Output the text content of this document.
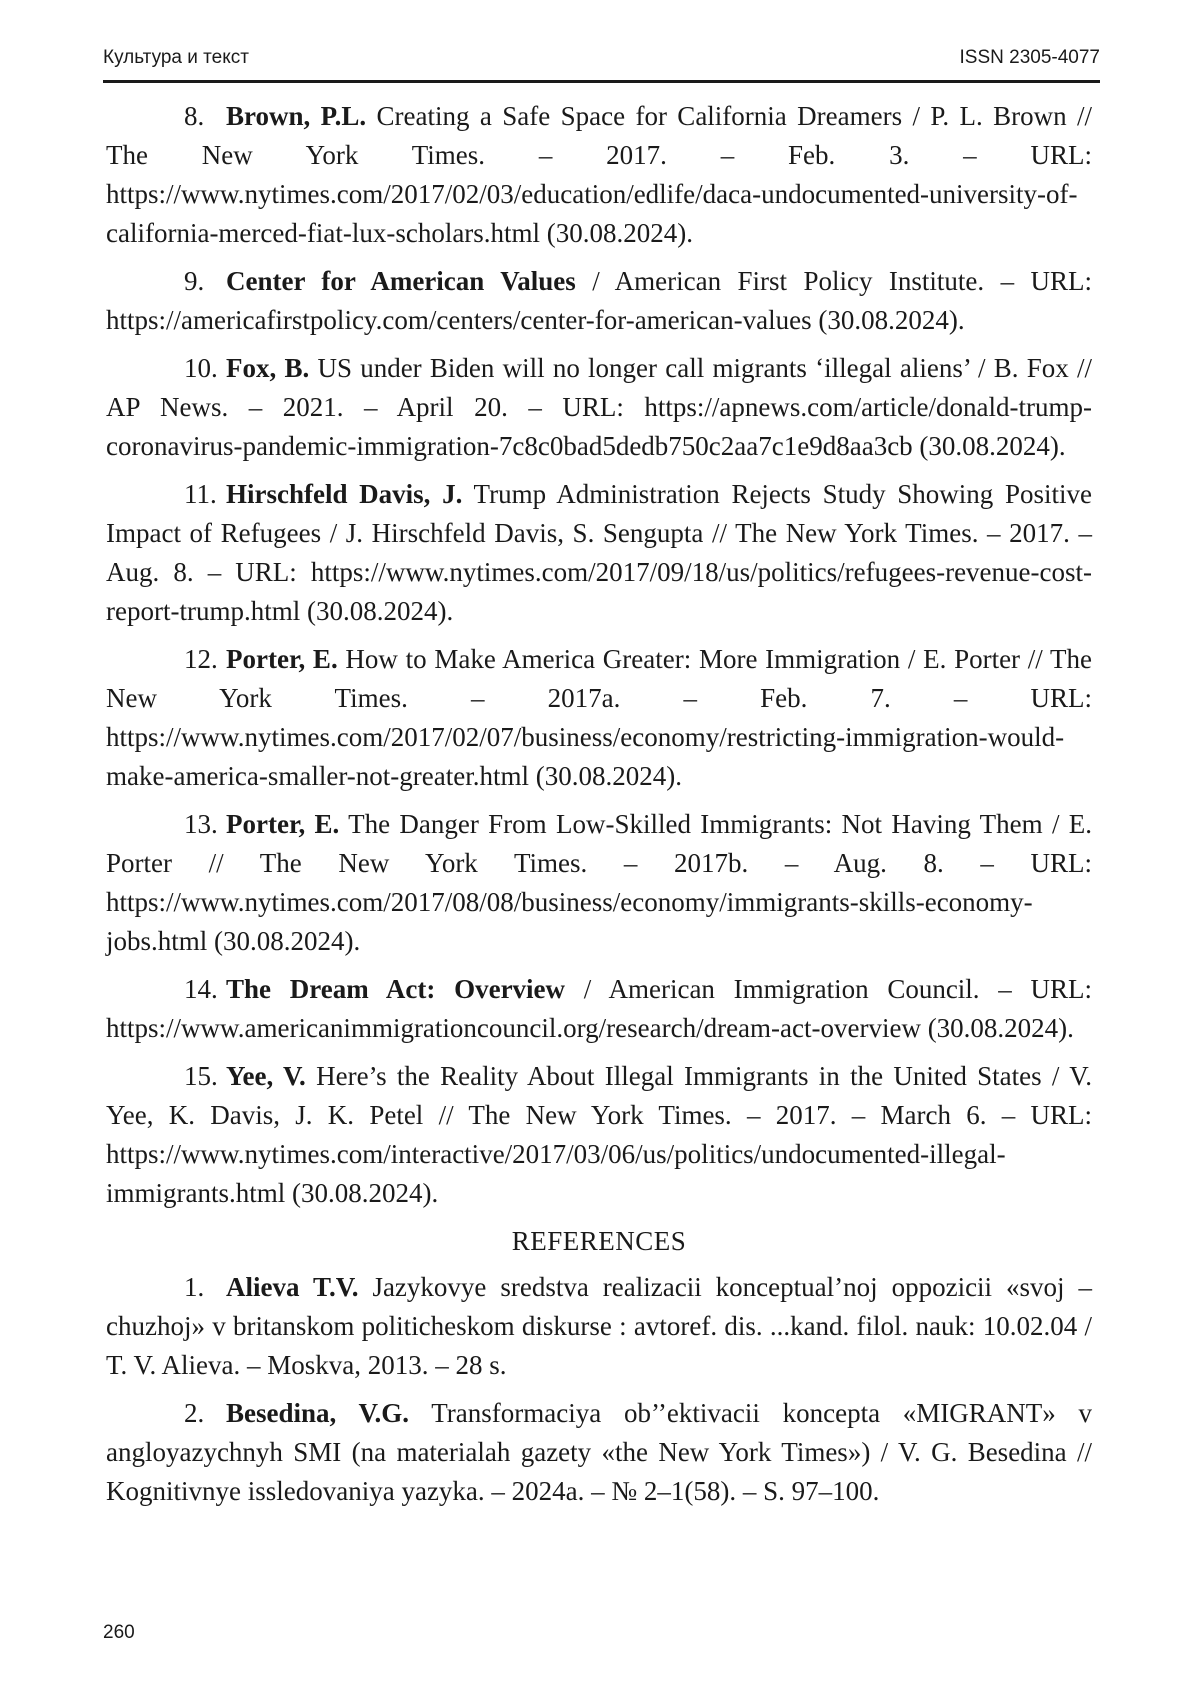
Культура и текст	ISSN 2305-4077

8. Brown, P.L. Creating a Safe Space for California Dreamers / P. L. Brown // The New York Times. – 2017. – Feb. 3. – URL: https://www.nytimes.com/2017/02/03/education/edlife/daca-undocumented-university-of-california-merced-fiat-lux-scholars.html (30.08.2024).

9. Center for American Values / American First Policy Institute. – URL: https://americafirstpolicy.com/centers/center-for-american-values (30.08.2024).

10. Fox, B. US under Biden will no longer call migrants ‘illegal aliens’ / B. Fox // AP News. – 2021. – April 20. – URL: https://apnews.com/article/donald-trump-coronavirus-pandemic-immigration-7c8c0bad5dedb750c2aa7c1e9d8aa3cb (30.08.2024).

11. Hirschfeld Davis, J. Trump Administration Rejects Study Showing Positive Impact of Refugees / J. Hirschfeld Davis, S. Sengupta // The New York Times. – 2017. – Aug. 8. – URL: https://www.nytimes.com/2017/09/18/us/politics/refugees-revenue-cost-report-trump.html (30.08.2024).

12. Porter, E. How to Make America Greater: More Immigration / E. Porter // The New York Times. – 2017a. – Feb. 7. – URL: https://www.nytimes.com/2017/02/07/business/economy/restricting-immigration-would-make-america-smaller-not-greater.html (30.08.2024).

13. Porter, E. The Danger From Low-Skilled Immigrants: Not Having Them / E. Porter // The New York Times. – 2017b. – Aug. 8. – URL: https://www.nytimes.com/2017/08/08/business/economy/immigrants-skills-economy-jobs.html (30.08.2024).

14. The Dream Act: Overview / American Immigration Council. – URL: https://www.americanimmigrationcouncil.org/research/dream-act-overview (30.08.2024).

15. Yee, V. Here’s the Reality About Illegal Immigrants in the United States / V. Yee, K. Davis, J. K. Petel // The New York Times. – 2017. – March 6. – URL: https://www.nytimes.com/interactive/2017/03/06/us/politics/undocumented-illegal-immigrants.html (30.08.2024).

REFERENCES

1. Alieva T.V. Jazykovye sredstva realizacii konceptual’noj oppozicii «svoj – chuzhoj» v britanskom politicheskom diskurse : avtoref. dis. ...kand. filol. nauk: 10.02.04 / T. V. Alieva. – Moskva, 2013. – 28 s.

2. Besedina, V.G. Transformaciya ob’’ektivacii koncepta «MIGRANT» v angloyazychnyh SMI (na materialah gazety «the New York Times») / V. G. Besedina // Kognitivnye issledovaniya yazyka. – 2024a. – № 2–1(58). – S. 97–100.

260
